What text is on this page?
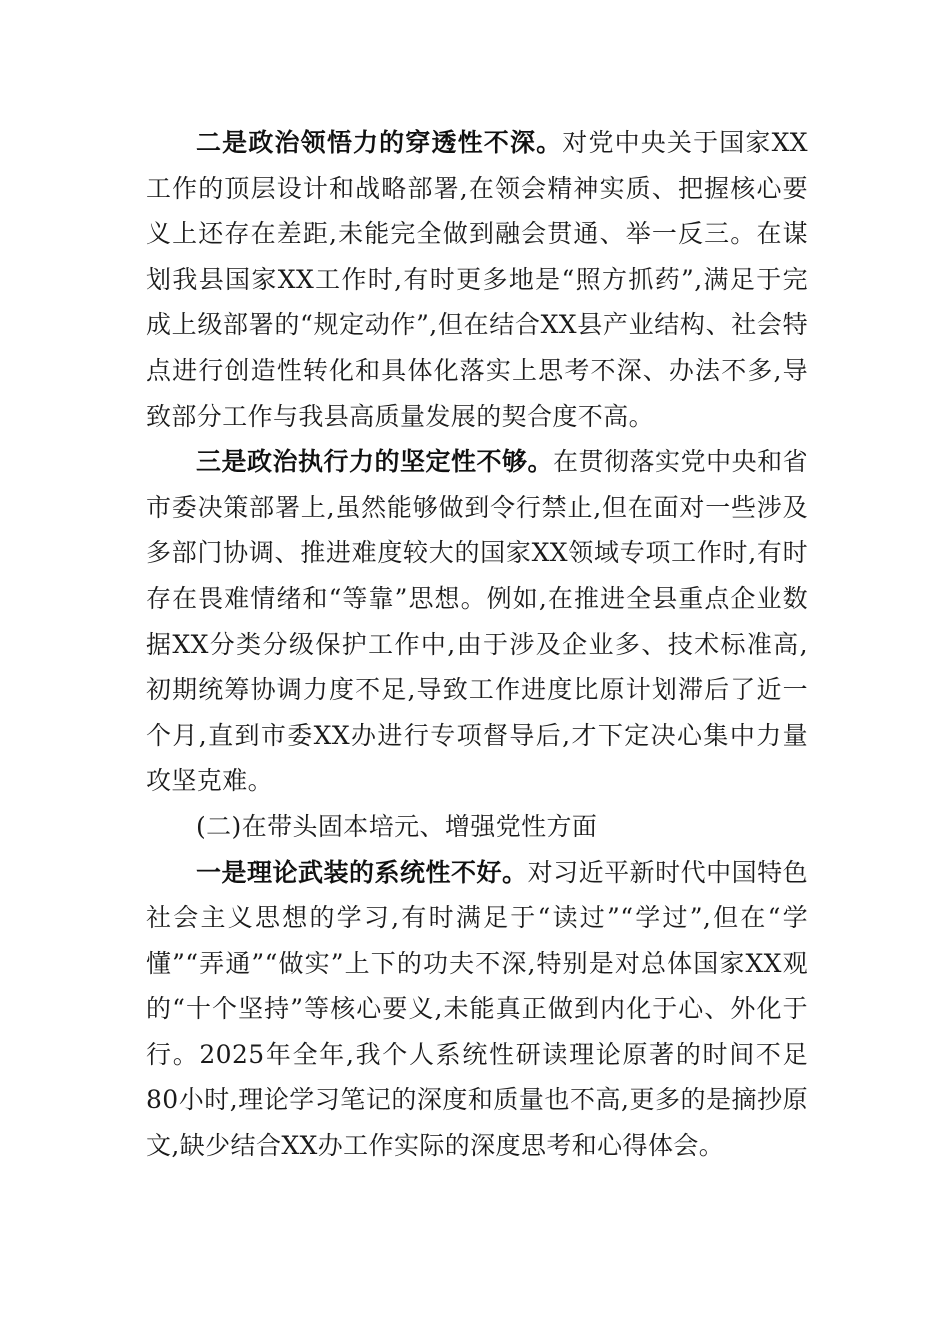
二是政治领悟力的穿透性不深。对党中央关于国家XX工作的顶层设计和战略部署,在领会精神实质、把握核心要义上还存在差距,未能完全做到融会贯通、举一反三。在谋划我县国家XX工作时,有时更多地是“照方抓药”,满足于完成上级部署的“规定动作”,但在结合XX县产业结构、社会特点进行创造性转化和具体化落实上思考不深、办法不多,导致部分工作与我县高质量发展的契合度不高。

三是政治执行力的坚定性不够。在贯彻落实党中央和省市委决策部署上,虽然能够做到令行禁止,但在面对一些涉及多部门协调、推进难度较大的国家XX领域专项工作时,有时存在畏难情绪和“等靠”思想。例如,在推进全县重点企业数据XX分类分级保护工作中,由于涉及企业多、技术标准高,初期统筹协调力度不足,导致工作进度比原计划滞后了近一个月,直到市委XX办进行专项督导后,才下定决心集中力量攻坚克难。

(二)在带头固本培元、增强党性方面

一是理论武装的系统性不好。对习近平新时代中国特色社会主义思想的学习,有时满足于“读过”“学过”,但在“学懂”“弄通”“做实”上下的功夫不深,特别是对总体国家XX观的“十个坚持”等核心要义,未能真正做到内化于心、外化于行。2025年全年,我个人系统性研读理论原著的时间不足80小时,理论学习笔记的深度和质量也不高,更多的是摘抄原文,缺少结合XX办工作实际的深度思考和心得体会。
